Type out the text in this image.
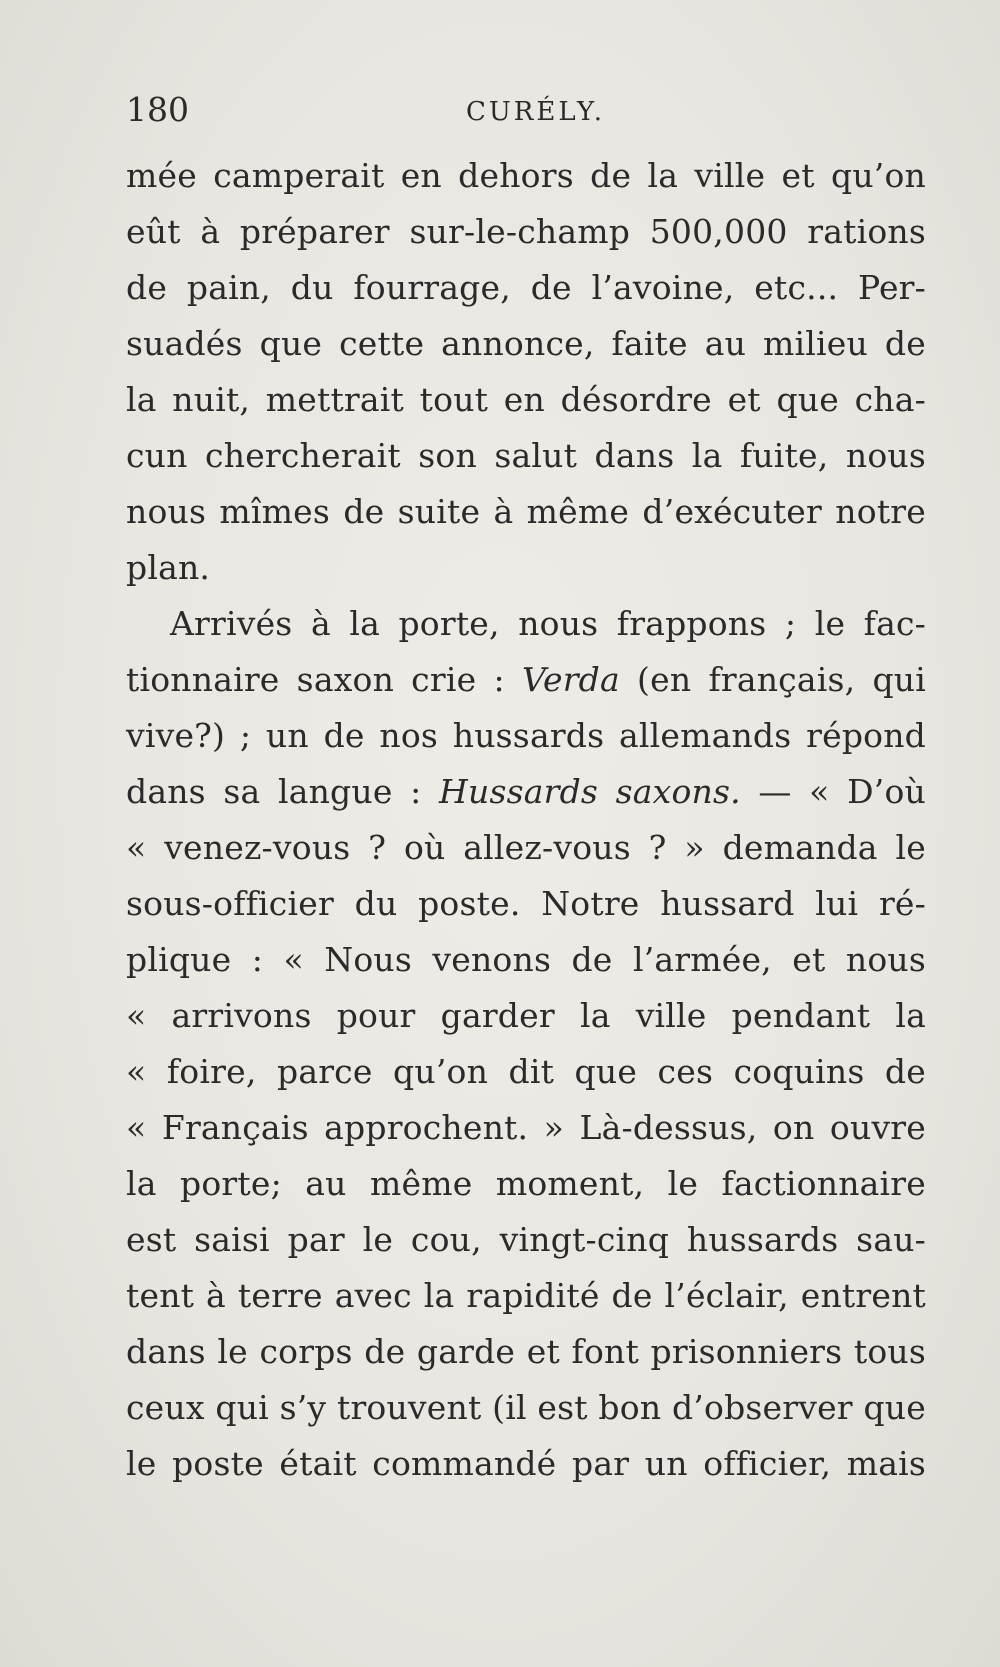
180	CURÉLY.
mée camperait en dehors de la ville et qu’on
eût à préparer sur-le-champ 500,000 rations
de pain, du fourrage, de l’avoine, etc... Per-
suadés que cette annonce, faite au milieu de
la nuit, mettrait tout en désordre et que cha-
cun chercherait son salut dans la fuite, nous
nous mîmes de suite à même d’exécuter notre
plan.
Arrivés à la porte, nous frappons ; le fac-
tionnaire saxon crie : Verda (en français, qui
vive?) ; un de nos hussards allemands répond
dans sa langue : Hussards saxons. — « D’où
« venez-vous ? où allez-vous ? » demanda le
sous-officier du poste. Notre hussard lui ré-
plique : « Nous venons de l’armée, et nous
« arrivons pour garder la ville pendant la
« foire, parce qu’on dit que ces coquins de
« Français approchent. » Là-dessus, on ouvre
la porte; au même moment, le factionnaire
est saisi par le cou, vingt-cinq hussards sau-
tent à terre avec la rapidité de l’éclair, entrent
dans le corps de garde et font prisonniers tous
ceux qui s’y trouvent (il est bon d’observer que
le poste était commandé par un officier, mais
